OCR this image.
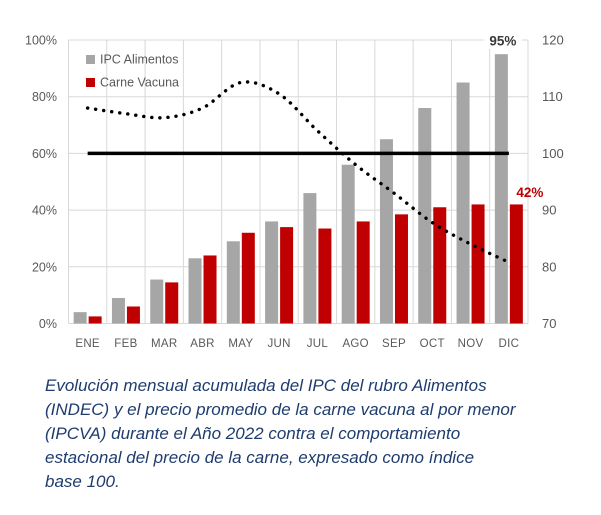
0%
20%
40%
60%
80%
100%
70
80
90
100
110
120
ENE FEB MAR ABR MAY JUN JUL AGO SEP OCT NOV DIC
IPC Alimentos
Carne Vacuna
95%
42%
Evolución mensual acumulada del IPC del rubro Alimentos
(INDEC) y el precio promedio de la carne vacuna al por menor
(IPCVA) durante el Año 2022 contra el comportamiento
estacional del precio de la carne, expresado como índice
base 100.
